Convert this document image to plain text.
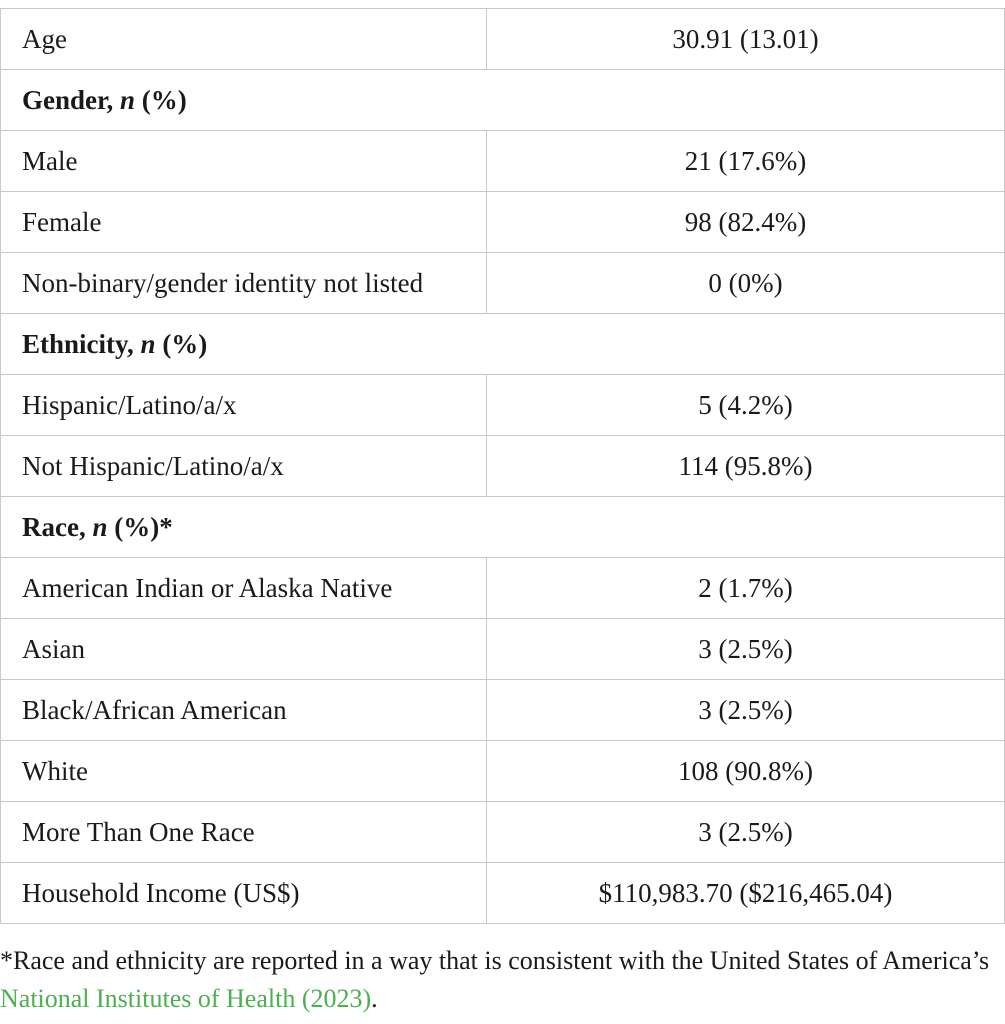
Age	30.91 (13.01)
Gender, n (%)	
Male	21 (17.6%)
Female	98 (82.4%)
Non-binary/gender identity not listed	0 (0%)
Ethnicity, n (%)	
Hispanic/Latino/a/x	5 (4.2%)
Not Hispanic/Latino/a/x	114 (95.8%)
Race, n (%)*	
American Indian or Alaska Native	2 (1.7%)
Asian	3 (2.5%)
Black/African American	3 (2.5%)
White	108 (90.8%)
More Than One Race	3 (2.5%)
Household Income (US$)	$110,983.70 ($216,465.04)
*Race and ethnicity are reported in a way that is consistent with the United States of America’s National Institutes of Health (2023).
